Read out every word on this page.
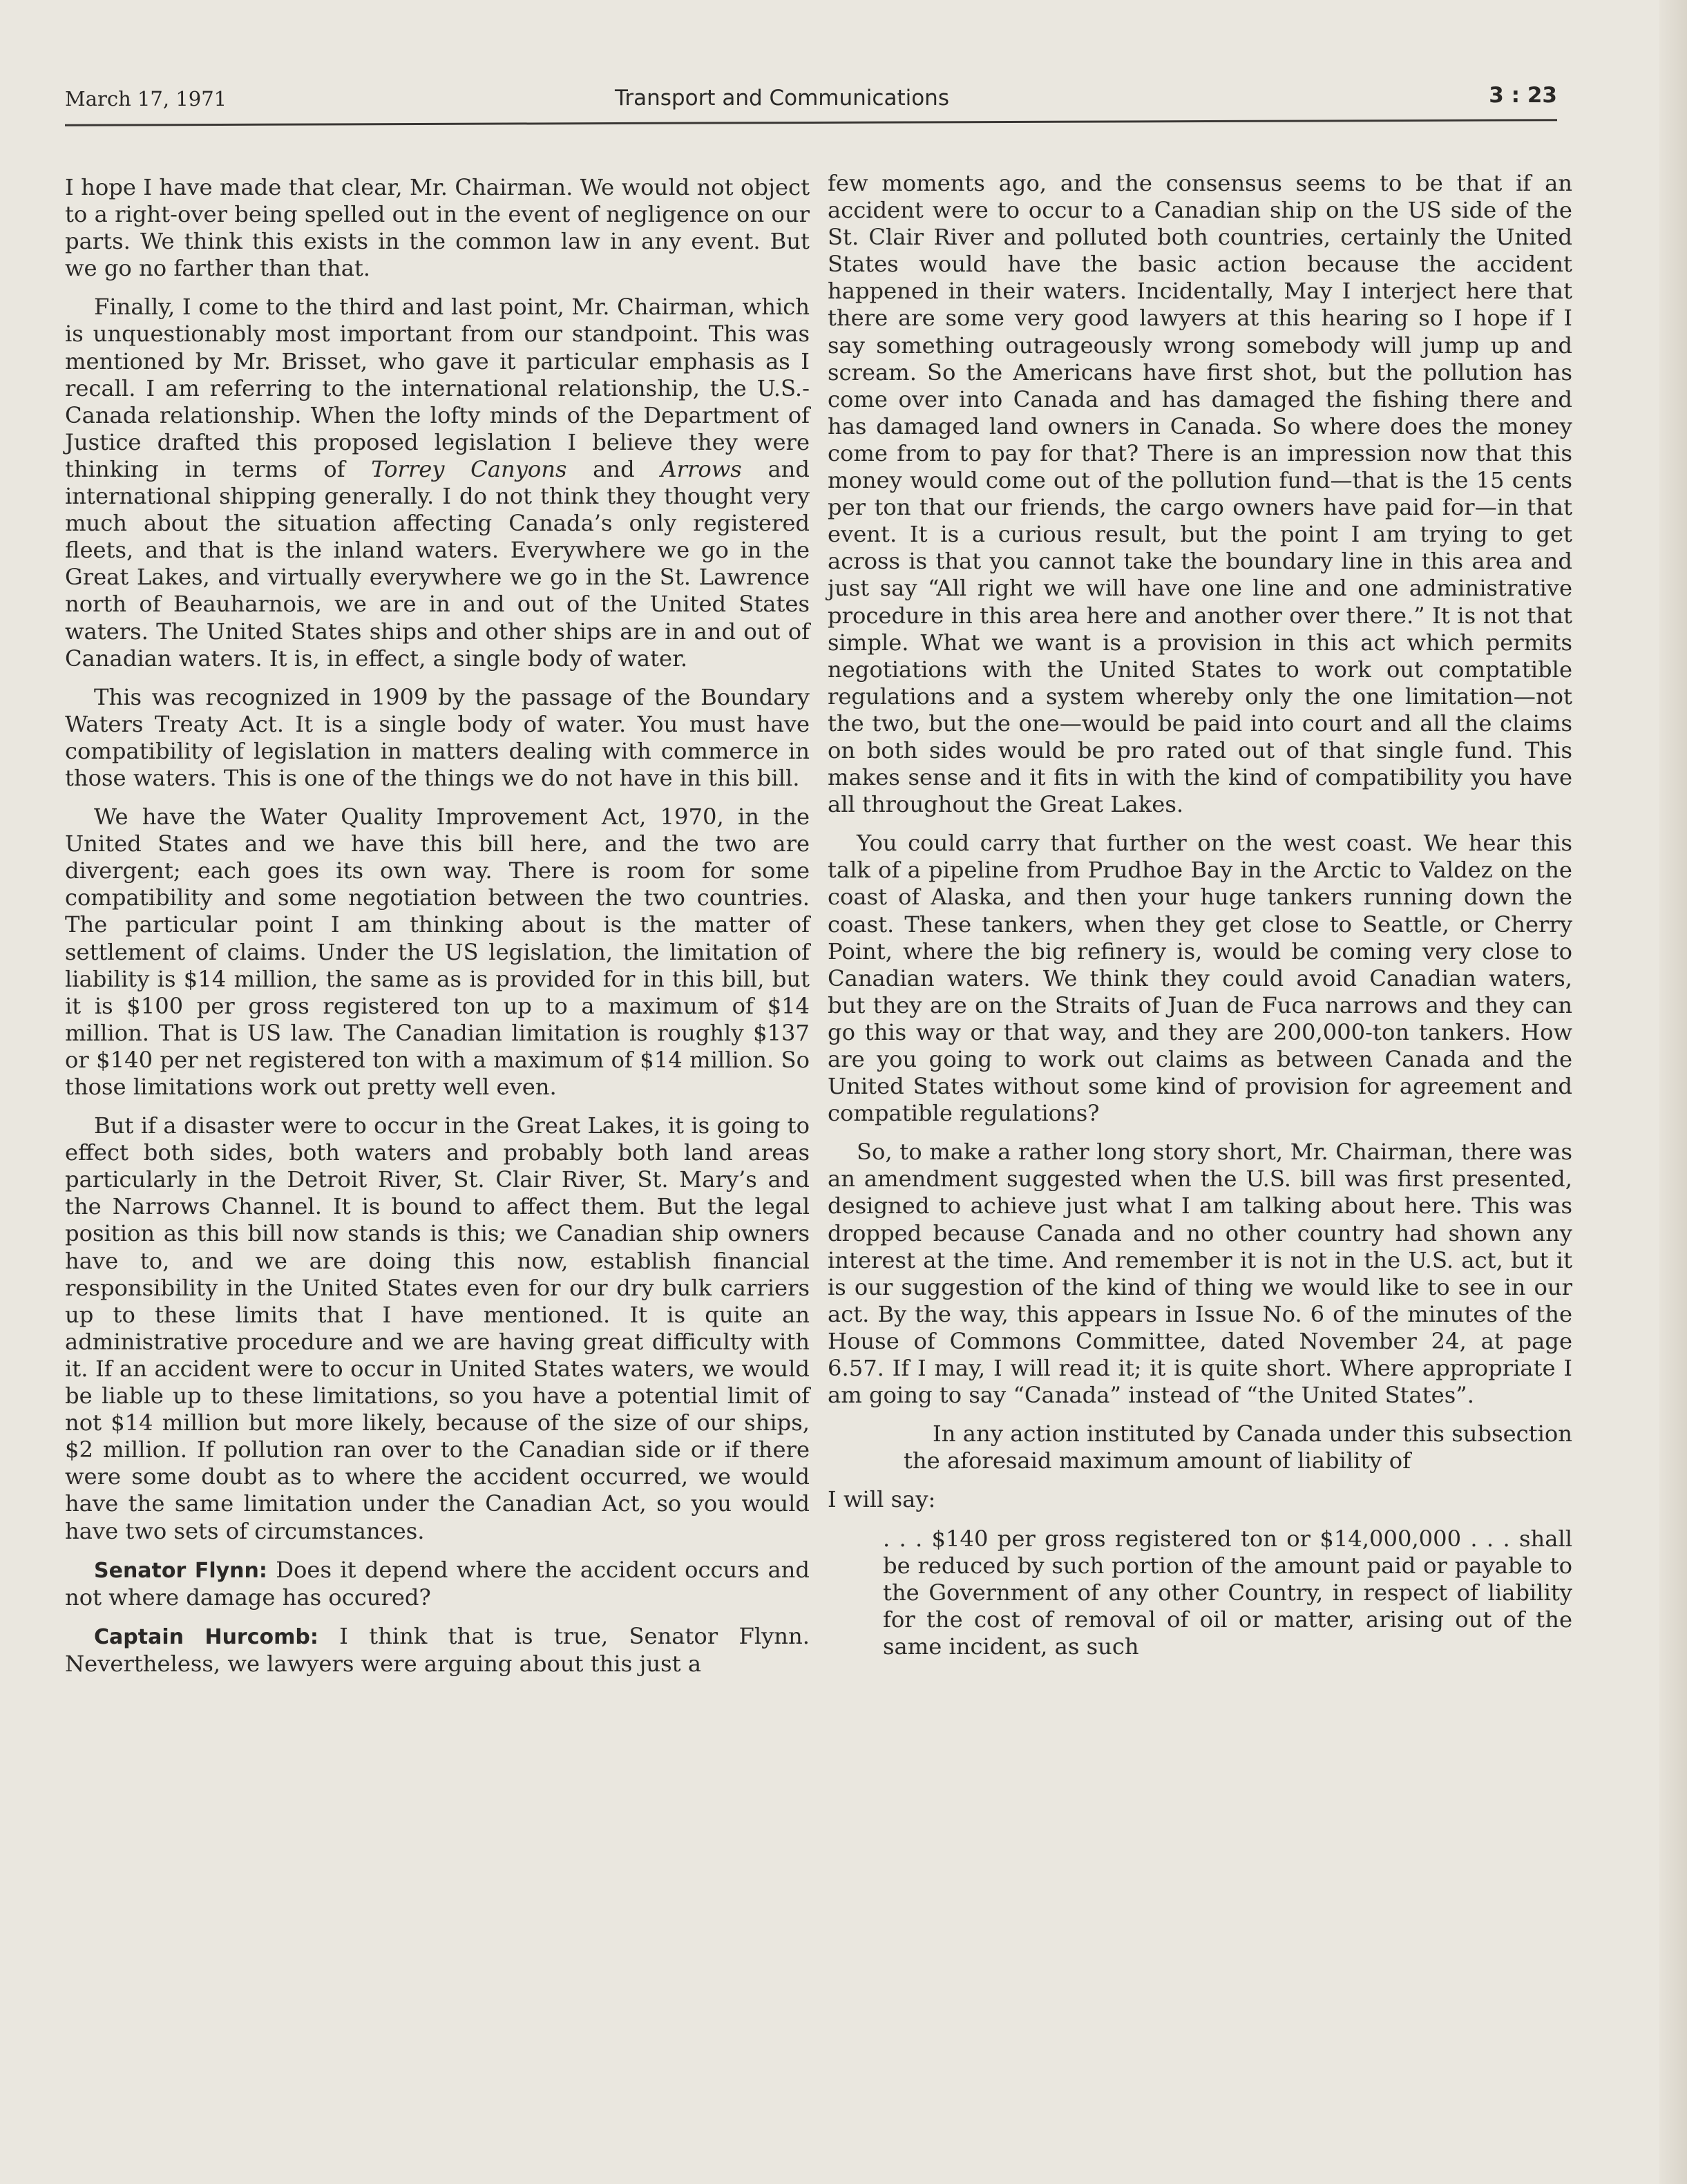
March 17, 1971	Transport and Communications	3 : 23

I hope I have made that clear, Mr. Chairman. We would not object to a right-over being spelled out in the event of negligence on our parts. We think this exists in the common law in any event. But we go no farther than that.

Finally, I come to the third and last point, Mr. Chairman, which is unquestionably most important from our standpoint. This was mentioned by Mr. Brisset, who gave it particular emphasis as I recall. I am referring to the international relationship, the U.S.-Canada relationship. When the lofty minds of the Department of Justice drafted this proposed legislation I believe they were thinking in terms of Torrey Canyons and Arrows and international shipping generally. I do not think they thought very much about the situation affecting Canada’s only registered fleets, and that is the inland waters. Everywhere we go in the Great Lakes, and virtually everywhere we go in the St. Lawrence north of Beauharnois, we are in and out of the United States waters. The United States ships and other ships are in and out of Canadian waters. It is, in effect, a single body of water.

This was recognized in 1909 by the passage of the Boundary Waters Treaty Act. It is a single body of water. You must have compatibility of legislation in matters dealing with commerce in those waters. This is one of the things we do not have in this bill.

We have the Water Quality Improvement Act, 1970, in the United States and we have this bill here, and the two are divergent; each goes its own way. There is room for some compatibility and some negotiation between the two countries. The particular point I am thinking about is the matter of settlement of claims. Under the US legislation, the limitation of liability is $14 million, the same as is provided for in this bill, but it is $100 per gross registered ton up to a maximum of $14 million. That is US law. The Canadian limitation is roughly $137 or $140 per net registered ton with a maximum of $14 million. So those limitations work out pretty well even.

But if a disaster were to occur in the Great Lakes, it is going to effect both sides, both waters and probably both land areas particularly in the Detroit River, St. Clair River, St. Mary’s and the Narrows Channel. It is bound to affect them. But the legal position as this bill now stands is this; we Canadian ship owners have to, and we are doing this now, establish financial responsibility in the United States even for our dry bulk carriers up to these limits that I have mentioned. It is quite an administrative procedure and we are having great difficulty with it. If an accident were to occur in United States waters, we would be liable up to these limitations, so you have a potential limit of not $14 million but more likely, because of the size of our ships, $2 million. If pollution ran over to the Canadian side or if there were some doubt as to where the accident occurred, we would have the same limitation under the Canadian Act, so you would have two sets of circumstances.

Senator Flynn: Does it depend where the accident occurs and not where damage has occured?

Captain Hurcomb: I think that is true, Senator Flynn. Nevertheless, we lawyers were arguing about this just a

few moments ago, and the consensus seems to be that if an accident were to occur to a Canadian ship on the US side of the St. Clair River and polluted both countries, certainly the United States would have the basic action because the accident happened in their waters. Incidentally, May I interject here that there are some very good lawyers at this hearing so I hope if I say something outrageously wrong somebody will jump up and scream. So the Americans have first shot, but the pollution has come over into Canada and has damaged the fishing there and has damaged land owners in Canada. So where does the money come from to pay for that? There is an impression now that this money would come out of the pollution fund—that is the 15 cents per ton that our friends, the cargo owners have paid for—in that event. It is a curious result, but the point I am trying to get across is that you cannot take the boundary line in this area and just say “All right we will have one line and one administrative procedure in this area here and another over there.” It is not that simple. What we want is a provision in this act which permits negotiations with the United States to work out comptatible regulations and a system whereby only the one limitation—not the two, but the one—would be paid into court and all the claims on both sides would be pro rated out of that single fund. This makes sense and it fits in with the kind of compatibility you have all throughout the Great Lakes.

You could carry that further on the west coast. We hear this talk of a pipeline from Prudhoe Bay in the Arctic to Valdez on the coast of Alaska, and then your huge tankers running down the coast. These tankers, when they get close to Seattle, or Cherry Point, where the big refinery is, would be coming very close to Canadian waters. We think they could avoid Canadian waters, but they are on the Straits of Juan de Fuca narrows and they can go this way or that way, and they are 200,000-ton tankers. How are you going to work out claims as between Canada and the United States without some kind of provision for agreement and compatible regulations?

So, to make a rather long story short, Mr. Chairman, there was an amendment suggested when the U.S. bill was first presented, designed to achieve just what I am talking about here. This was dropped because Canada and no other country had shown any interest at the time. And remember it is not in the U.S. act, but it is our suggestion of the kind of thing we would like to see in our act. By the way, this appears in Issue No. 6 of the minutes of the House of Commons Committee, dated November 24, at page 6.57. If I may, I will read it; it is quite short. Where appropriate I am going to say “Canada” instead of “the United States”.

In any action instituted by Canada under this subsection the aforesaid maximum amount of liability of

I will say:

. . . $140 per gross registered ton or $14,000,000 . . . shall be reduced by such portion of the amount paid or payable to the Government of any other Country, in respect of liability for the cost of removal of oil or matter, arising out of the same incident, as such
